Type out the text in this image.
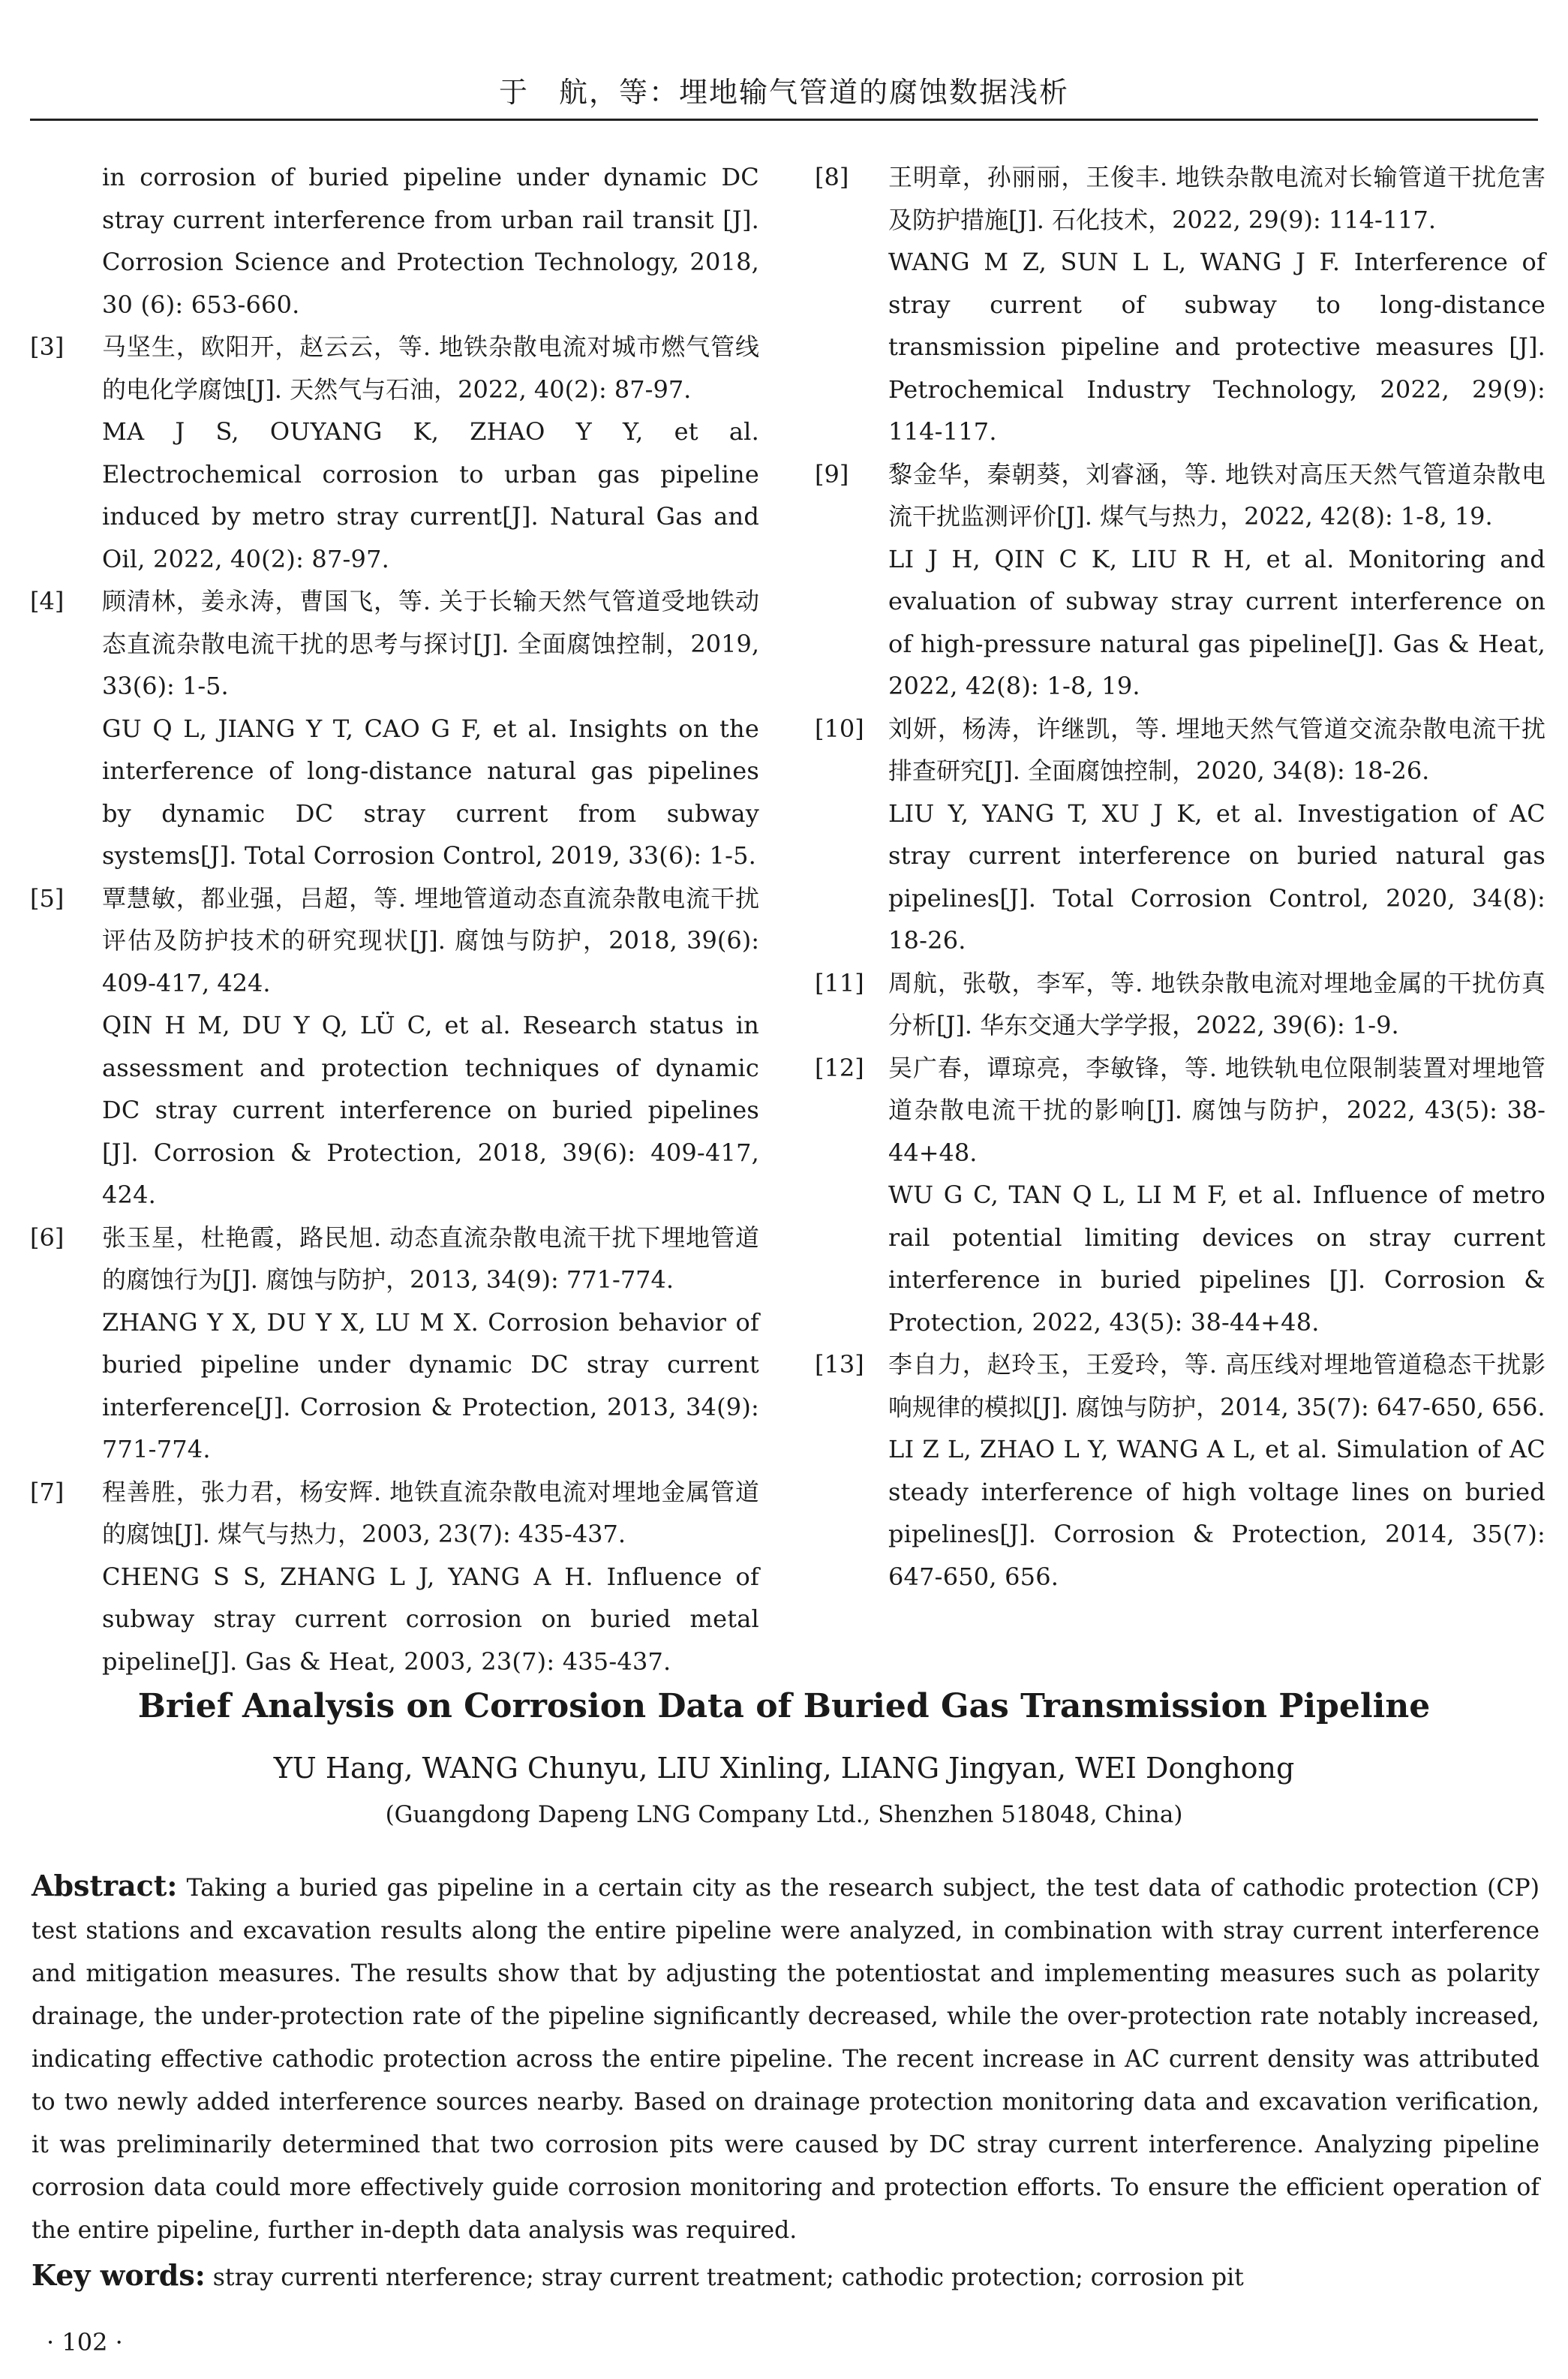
于　航，等：埋地输气管道的腐蚀数据浅析
in corrosion of buried pipeline under dynamic DC stray current interference from urban rail transit [J]. Corrosion Science and Protection Technology, 2018, 30 (6): 653-660.
[3] 马坚生，欧阳开，赵云云，等. 地铁杂散电流对城市燃气管线的电化学腐蚀[J]. 天然气与石油，2022, 40(2): 87-97.
MA J S, OUYANG K, ZHAO Y Y, et al. Electrochemical corrosion to urban gas pipeline induced by metro stray current[J]. Natural Gas and Oil, 2022, 40(2): 87-97.
[4] 顾清林，姜永涛，曹国飞，等. 关于长输天然气管道受地铁动态直流杂散电流干扰的思考与探讨[J]. 全面腐蚀控制，2019, 33(6): 1-5.
GU Q L, JIANG Y T, CAO G F, et al. Insights on the interference of long-distance natural gas pipelines by dynamic DC stray current from subway systems[J]. Total Corrosion Control, 2019, 33(6): 1-5.
[5] 覃慧敏，都业强，吕超，等. 埋地管道动态直流杂散电流干扰评估及防护技术的研究现状[J]. 腐蚀与防护，2018, 39(6): 409-417, 424.
QIN H M, DU Y Q, LÜ C, et al. Research status in assessment and protection techniques of dynamic DC stray current interference on buried pipelines [J]. Corrosion & Protection, 2018, 39(6): 409-417, 424.
[6] 张玉星，杜艳霞，路民旭. 动态直流杂散电流干扰下埋地管道的腐蚀行为[J]. 腐蚀与防护，2013, 34(9): 771-774.
ZHANG Y X, DU Y X, LU M X. Corrosion behavior of buried pipeline under dynamic DC stray current interference[J]. Corrosion & Protection, 2013, 34(9): 771-774.
[7] 程善胜，张力君，杨安辉. 地铁直流杂散电流对埋地金属管道的腐蚀[J]. 煤气与热力，2003, 23(7): 435-437.
CHENG S S, ZHANG L J, YANG A H. Influence of subway stray current corrosion on buried metal pipeline[J]. Gas & Heat, 2003, 23(7): 435-437.
[8] 王明章，孙丽丽，王俊丰. 地铁杂散电流对长输管道干扰危害及防护措施[J]. 石化技术，2022, 29(9): 114-117.
WANG M Z, SUN L L, WANG J F. Interference of stray current of subway to long-distance transmission pipeline and protective measures [J]. Petrochemical Industry Technology, 2022, 29(9): 114-117.
[9] 黎金华，秦朝葵，刘睿涵，等. 地铁对高压天然气管道杂散电流干扰监测评价[J]. 煤气与热力，2022, 42(8): 1-8, 19.
LI J H, QIN C K, LIU R H, et al. Monitoring and evaluation of subway stray current interference on of high-pressure natural gas pipeline[J]. Gas & Heat, 2022, 42(8): 1-8, 19.
[10] 刘妍，杨涛，许继凯，等. 埋地天然气管道交流杂散电流干扰排查研究[J]. 全面腐蚀控制，2020, 34(8): 18-26.
LIU Y, YANG T, XU J K, et al. Investigation of AC stray current interference on buried natural gas pipelines[J]. Total Corrosion Control, 2020, 34(8): 18-26.
[11] 周航，张敬，李军，等. 地铁杂散电流对埋地金属的干扰仿真分析[J]. 华东交通大学学报，2022, 39(6): 1-9.
[12] 吴广春，谭琼亮，李敏锋，等. 地铁轨电位限制装置对埋地管道杂散电流干扰的影响[J]. 腐蚀与防护，2022, 43(5): 38-44+48.
WU G C, TAN Q L, LI M F, et al. Influence of metro rail potential limiting devices on stray current interference in buried pipelines [J]. Corrosion & Protection, 2022, 43(5): 38-44+48.
[13] 李自力，赵玲玉，王爱玲，等. 高压线对埋地管道稳态干扰影响规律的模拟[J]. 腐蚀与防护，2014, 35(7): 647-650, 656.
LI Z L, ZHAO L Y, WANG A L, et al. Simulation of AC steady interference of high voltage lines on buried pipelines[J]. Corrosion & Protection, 2014, 35(7): 647-650, 656.
Brief Analysis on Corrosion Data of Buried Gas Transmission Pipeline
YU Hang, WANG Chunyu, LIU Xinling, LIANG Jingyan, WEI Donghong
(Guangdong Dapeng LNG Company Ltd., Shenzhen 518048, China)
Abstract: Taking a buried gas pipeline in a certain city as the research subject, the test data of cathodic protection (CP) test stations and excavation results along the entire pipeline were analyzed, in combination with stray current interference and mitigation measures. The results show that by adjusting the potentiostat and implementing measures such as polarity drainage, the under-protection rate of the pipeline significantly decreased, while the over-protection rate notably increased, indicating effective cathodic protection across the entire pipeline. The recent increase in AC current density was attributed to two newly added interference sources nearby. Based on drainage protection monitoring data and excavation verification, it was preliminarily determined that two corrosion pits were caused by DC stray current interference. Analyzing pipeline corrosion data could more effectively guide corrosion monitoring and protection efforts. To ensure the efficient operation of the entire pipeline, further in-depth data analysis was required.
Key words: stray currenti nterference; stray current treatment; cathodic protection; corrosion pit
· 102 ·
